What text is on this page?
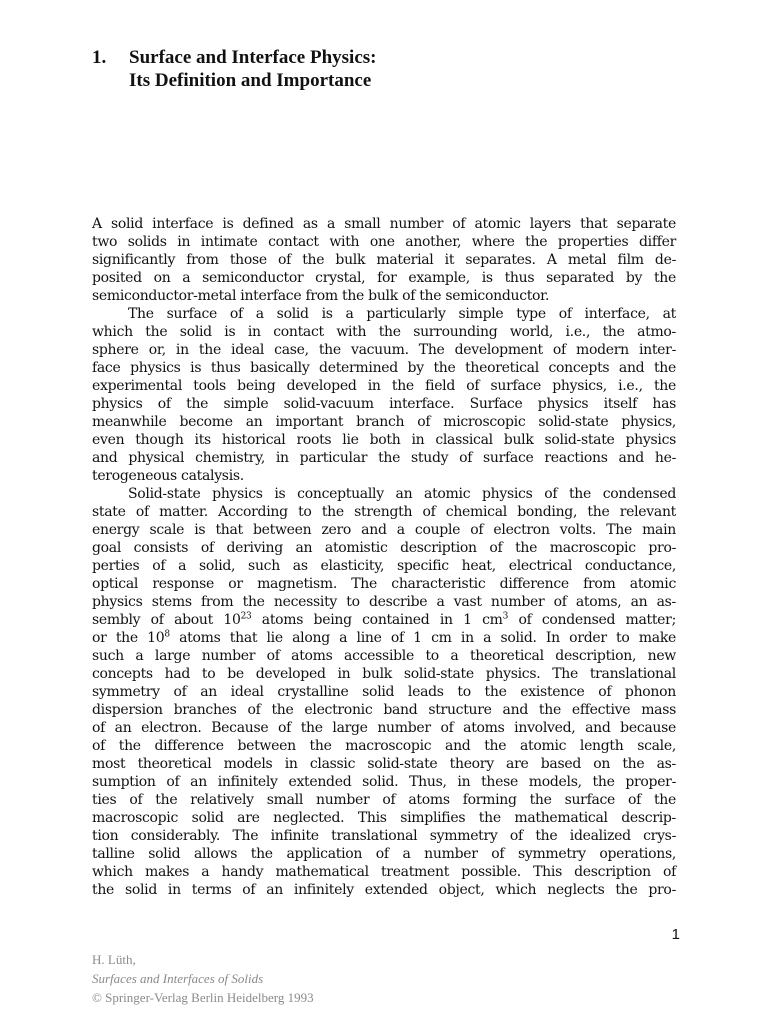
1. Surface and Interface Physics:
Its Definition and Importance
A solid interface is defined as a small number of atomic layers that separate
two solids in intimate contact with one another, where the properties differ
significantly from those of the bulk material it separates. A metal film de-
posited on a semiconductor crystal, for example, is thus separated by the
semiconductor-metal interface from the bulk of the semiconductor.
The surface of a solid is a particularly simple type of interface, at
which the solid is in contact with the surrounding world, i.e., the atmo-
sphere or, in the ideal case, the vacuum. The development of modern inter-
face physics is thus basically determined by the theoretical concepts and the
experimental tools being developed in the field of surface physics, i.e., the
physics of the simple solid-vacuum interface. Surface physics itself has
meanwhile become an important branch of microscopic solid-state physics,
even though its historical roots lie both in classical bulk solid-state physics
and physical chemistry, in particular the study of surface reactions and he-
terogeneous catalysis.
Solid-state physics is conceptually an atomic physics of the condensed
state of matter. According to the strength of chemical bonding, the relevant
energy scale is that between zero and a couple of electron volts. The main
goal consists of deriving an atomistic description of the macroscopic pro-
perties of a solid, such as elasticity, specific heat, electrical conductance,
optical response or magnetism. The characteristic difference from atomic
physics stems from the necessity to describe a vast number of atoms, an as-
sembly of about $10^{23}$ atoms being contained in 1 $cm^3$ of condensed matter;
or the $10^8$ atoms that lie along a line of 1 cm in a solid. In order to make
such a large number of atoms accessible to a theoretical description, new
concepts had to be developed in bulk solid-state physics. The translational
symmetry of an ideal crystalline solid leads to the existence of phonon
dispersion branches of the electronic band structure and the effective mass
of an electron. Because of the large number of atoms involved, and because
of the difference between the macroscopic and the atomic length scale,
most theoretical models in classic solid-state theory are based on the as-
sumption of an infinitely extended solid. Thus, in these models, the proper-
ties of the relatively small number of atoms forming the surface of the
macroscopic solid are neglected. This simplifies the mathematical descrip-
tion considerably. The infinite translational symmetry of the idealized crys-
talline solid allows the application of a number of symmetry operations,
which makes a handy mathematical treatment possible. This description of
the solid in terms of an infinitely extended object, which neglects the pro-
1
H. Lüth,
Surfaces and Interfaces of Solids
© Springer-Verlag Berlin Heidelberg 1993
